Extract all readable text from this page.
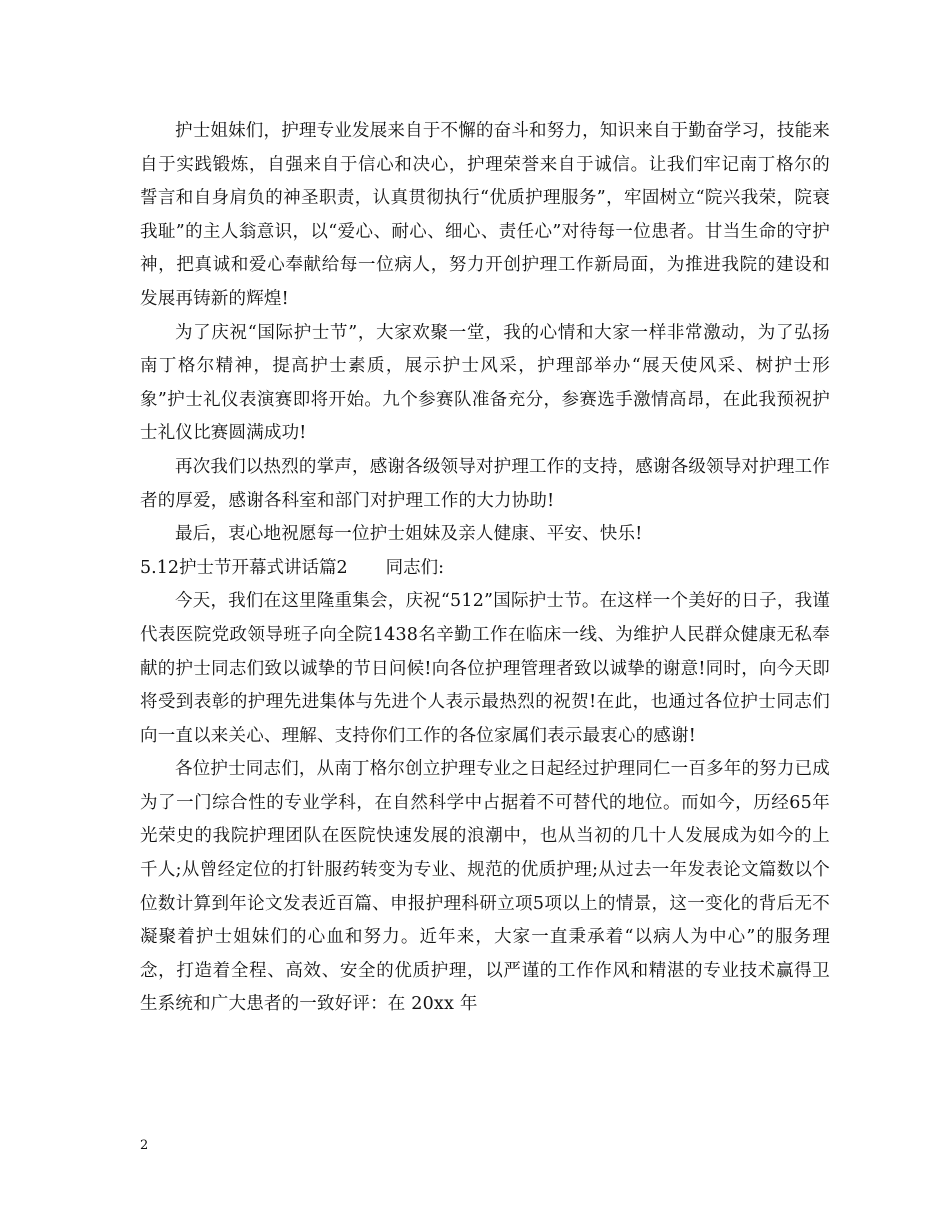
护士姐妹们，护理专业发展来自于不懈的奋斗和努力，知识来自于勤奋学习，技能来自于实践锻炼，自强来自于信心和决心，护理荣誉来自于诚信。让我们牢记南丁格尔的誓言和自身肩负的神圣职责，认真贯彻执行“优质护理服务”，牢固树立“院兴我荣，院衰我耻”的主人翁意识，以“爱心、耐心、细心、责任心”对待每一位患者。甘当生命的守护神，把真诚和爱心奉献给每一位病人，努力开创护理工作新局面，为推进我院的建设和发展再铸新的辉煌!

为了庆祝“国际护士节”，大家欢聚一堂，我的心情和大家一样非常激动，为了弘扬南丁格尔精神，提高护士素质，展示护士风采，护理部举办“展天使风采、树护士形象”护士礼仪表演赛即将开始。九个参赛队准备充分，参赛选手激情高昂，在此我预祝护士礼仪比赛圆满成功!

再次我们以热烈的掌声，感谢各级领导对护理工作的支持，感谢各级领导对护理工作者的厚爱，感谢各科室和部门对护理工作的大力协助!

最后，衷心地祝愿每一位护士姐妹及亲人健康、平安、快乐!

5.12护士节开幕式讲话篇2 同志们:

今天，我们在这里隆重集会，庆祝“512”国际护士节。在这样一个美好的日子，我谨代表医院党政领导班子向全院1438名辛勤工作在临床一线、为维护人民群众健康无私奉献的护士同志们致以诚挚的节日问候!向各位护理管理者致以诚挚的谢意!同时，向今天即将受到表彰的护理先进集体与先进个人表示最热烈的祝贺!在此，也通过各位护士同志们向一直以来关心、理解、支持你们工作的各位家属们表示最衷心的感谢!

各位护士同志们，从南丁格尔创立护理专业之日起经过护理同仁一百多年的努力已成为了一门综合性的专业学科，在自然科学中占据着不可替代的地位。而如今，历经65年光荣史的我院护理团队在医院快速发展的浪潮中，也从当初的几十人发展成为如今的上千人;从曾经定位的打针服药转变为专业、规范的优质护理;从过去一年发表论文篇数以个位数计算到年论文发表近百篇、申报护理科研立项5项以上的情景，这一变化的背后无不凝聚着护士姐妹们的心血和努力。近年来，大家一直秉承着“以病人为中心”的服务理念，打造着全程、高效、安全的优质护理，以严谨的工作作风和精湛的专业技术赢得卫生系统和广大患者的一致好评：在 20xx 年

2
